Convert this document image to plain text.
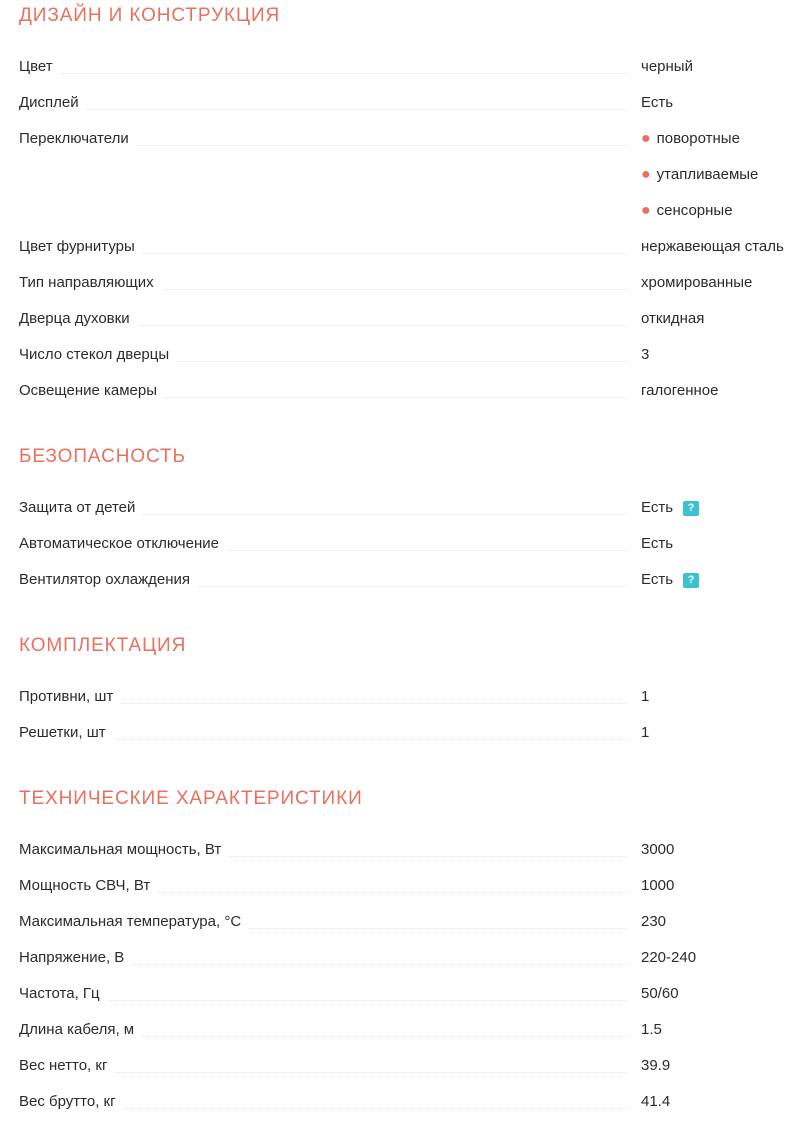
ДИЗАЙН И КОНСТРУКЦИЯ
Цвет	черный
Дисплей	Есть
Переключатели	● поворотные
● утапливаемые
● сенсорные
Цвет фурнитуры	нержавеющая сталь
Тип направляющих	хромированные
Дверца духовки	откидная
Число стекол дверцы	3
Освещение камеры	галогенное
БЕЗОПАСНОСТЬ
Защита от детей	Есть ?
Автоматическое отключение	Есть
Вентилятор охлаждения	Есть ?
КОМПЛЕКТАЦИЯ
Противни, шт	1
Решетки, шт	1
ТЕХНИЧЕСКИЕ ХАРАКТЕРИСТИКИ
Максимальная мощность, Вт	3000
Мощность СВЧ, Вт	1000
Максимальная температура, °C	230
Напряжение, В	220-240
Частота, Гц	50/60
Длина кабеля, м	1.5
Вес нетто, кг	39.9
Вес брутто, кг	41.4
